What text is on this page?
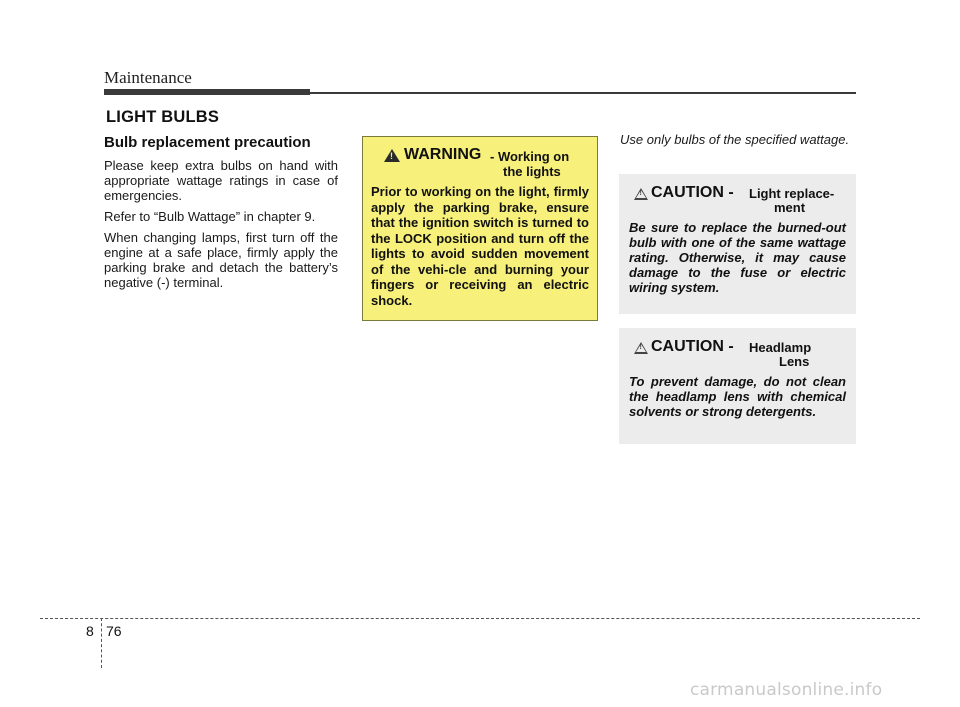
Maintenance
LIGHT BULBS
Bulb replacement precaution

Please keep extra bulbs on hand with appropriate wattage ratings in case of emergencies.

Refer to “Bulb Wattage” in chapter 9.

When changing lamps, first turn off the engine at a safe place, firmly apply the parking brake and detach the battery’s negative (-) terminal.

!
WARNING - Working on
the lights
Prior to working on the light, firmly apply the parking brake, ensure that the ignition switch is turned to the LOCK position and turn off the lights to avoid sudden movement of the vehi-cle and burning your fingers or receiving an electric shock.
Use only bulbs of the specified wattage.
!
CAUTION - Light replace-
ment
Be sure to replace the burned-out bulb with one of the same wattage rating. Otherwise, it may cause damage to the fuse or electric wiring system.
!
CAUTION - Headlamp
Lens
To prevent damage, do not clean the headlamp lens with chemical solvents or strong detergents.
8 76
carmanualsonline.info
